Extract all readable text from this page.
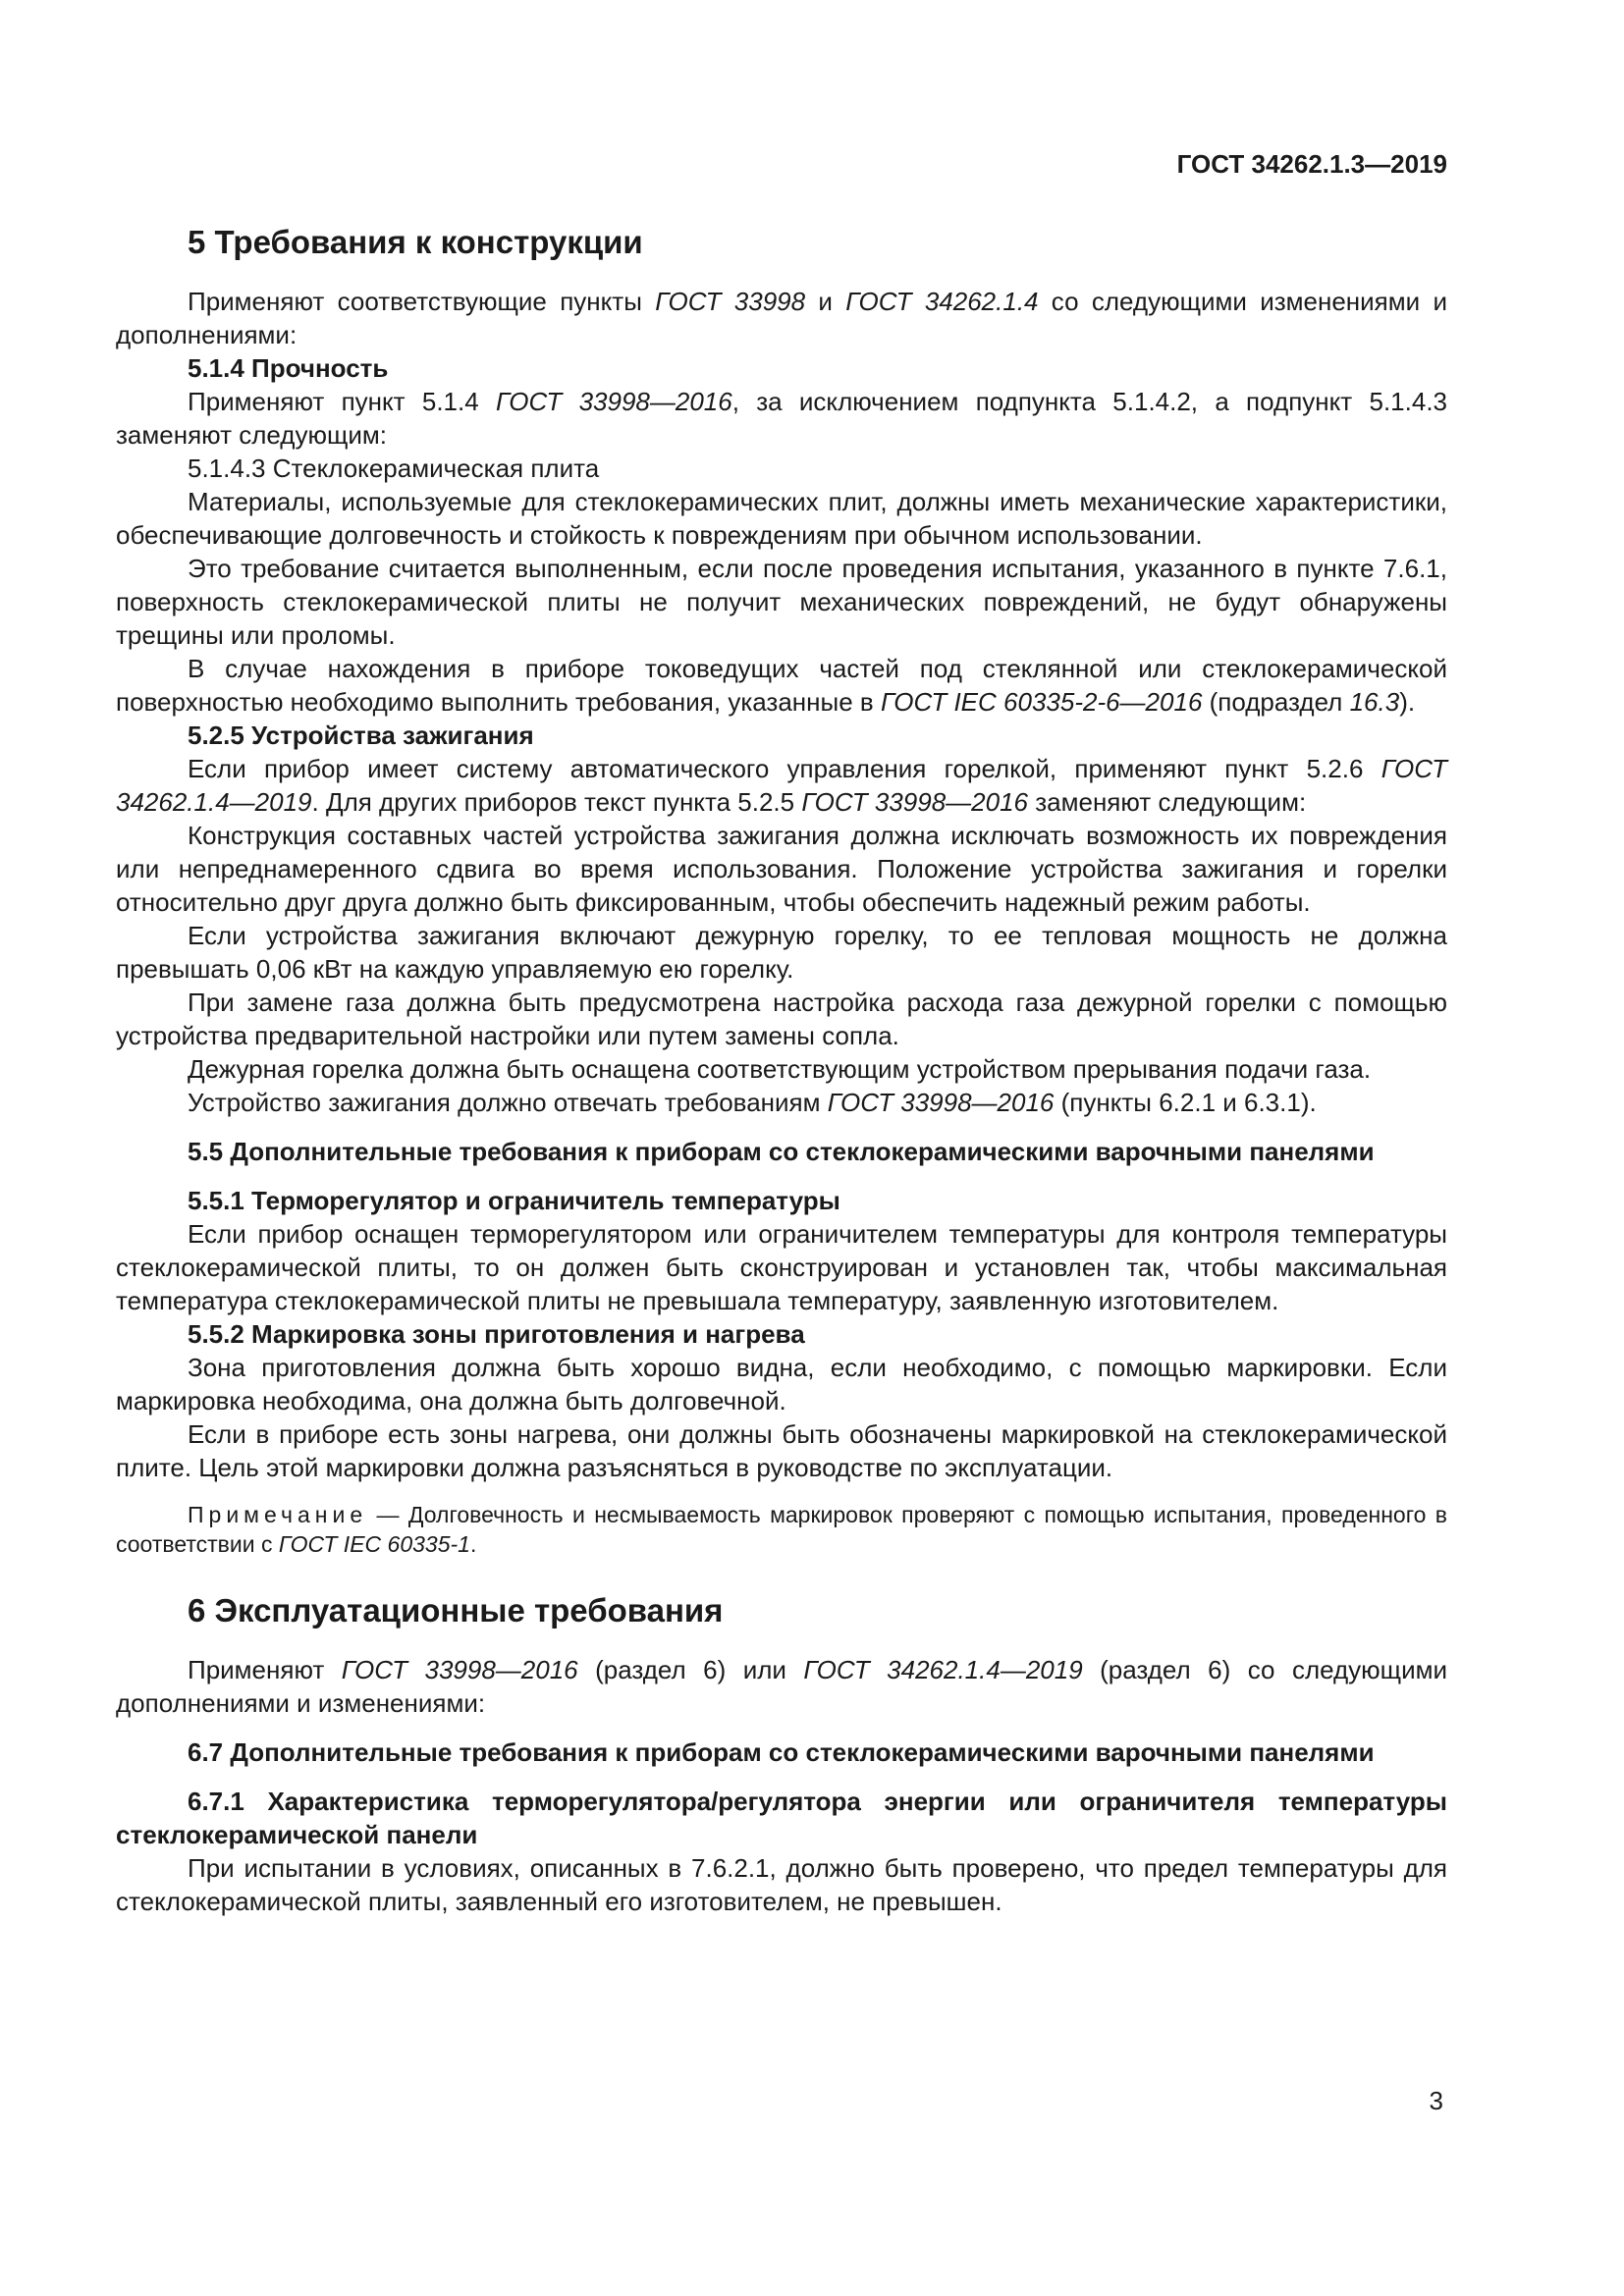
ГОСТ 34262.1.3—2019
5 Требования к конструкции

Применяют соответствующие пункты ГОСТ 33998 и ГОСТ 34262.1.4 со следующими изменениями и дополнениями:

5.1.4 Прочность

Применяют пункт 5.1.4 ГОСТ 33998—2016, за исключением подпункта 5.1.4.2, а подпункт 5.1.4.3 заменяют следующим:

5.1.4.3 Стеклокерамическая плита

Материалы, используемые для стеклокерамических плит, должны иметь механические характеристики, обеспечивающие долговечность и стойкость к повреждениям при обычном использовании.

Это требование считается выполненным, если после проведения испытания, указанного в пункте 7.6.1, поверхность стеклокерамической плиты не получит механических повреждений, не будут обнаружены трещины или проломы.

В случае нахождения в приборе токоведущих частей под стеклянной или стеклокерамической поверхностью необходимо выполнить требования, указанные в ГОСТ IEC 60335-2-6—2016 (подраздел 16.3).

5.2.5 Устройства зажигания

Если прибор имеет систему автоматического управления горелкой, применяют пункт 5.2.6 ГОСТ 34262.1.4—2019. Для других приборов текст пункта 5.2.5 ГОСТ 33998—2016 заменяют следующим:

Конструкция составных частей устройства зажигания должна исключать возможность их повреждения или непреднамеренного сдвига во время использования. Положение устройства зажигания и горелки относительно друг друга должно быть фиксированным, чтобы обеспечить надежный режим работы.

Если устройства зажигания включают дежурную горелку, то ее тепловая мощность не должна превышать 0,06 кВт на каждую управляемую ею горелку.

При замене газа должна быть предусмотрена настройка расхода газа дежурной горелки с помощью устройства предварительной настройки или путем замены сопла.

Дежурная горелка должна быть оснащена соответствующим устройством прерывания подачи газа.

Устройство зажигания должно отвечать требованиям ГОСТ 33998—2016 (пункты 6.2.1 и 6.3.1).

5.5 Дополнительные требования к приборам со стеклокерамическими варочными панелями
5.5.1 Терморегулятор и ограничитель температуры

Если прибор оснащен терморегулятором или ограничителем температуры для контроля температуры стеклокерамической плиты, то он должен быть сконструирован и установлен так, чтобы максимальная температура стеклокерамической плиты не превышала температуру, заявленную изготовителем.

5.5.2 Маркировка зоны приготовления и нагрева

Зона приготовления должна быть хорошо видна, если необходимо, с помощью маркировки. Если маркировка необходима, она должна быть долговечной.

Если в приборе есть зоны нагрева, они должны быть обозначены маркировкой на стеклокерамической плите. Цель этой маркировки должна разъясняться в руководстве по эксплуатации.

Примечание — Долговечность и несмываемость маркировок проверяют с помощью испытания, проведенного в соответствии с ГОСТ IEC 60335-1.

6 Эксплуатационные требования

Применяют ГОСТ 33998—2016 (раздел 6) или ГОСТ 34262.1.4—2019 (раздел 6) со следующими дополнениями и изменениями:

6.7 Дополнительные требования к приборам со стеклокерамическими варочными панелями
6.7.1 Характеристика терморегулятора/регулятора энергии или ограничителя температуры стеклокерамической панели

При испытании в условиях, описанных в 7.6.2.1, должно быть проверено, что предел температуры для стеклокерамической плиты, заявленный его изготовителем, не превышен.

3
